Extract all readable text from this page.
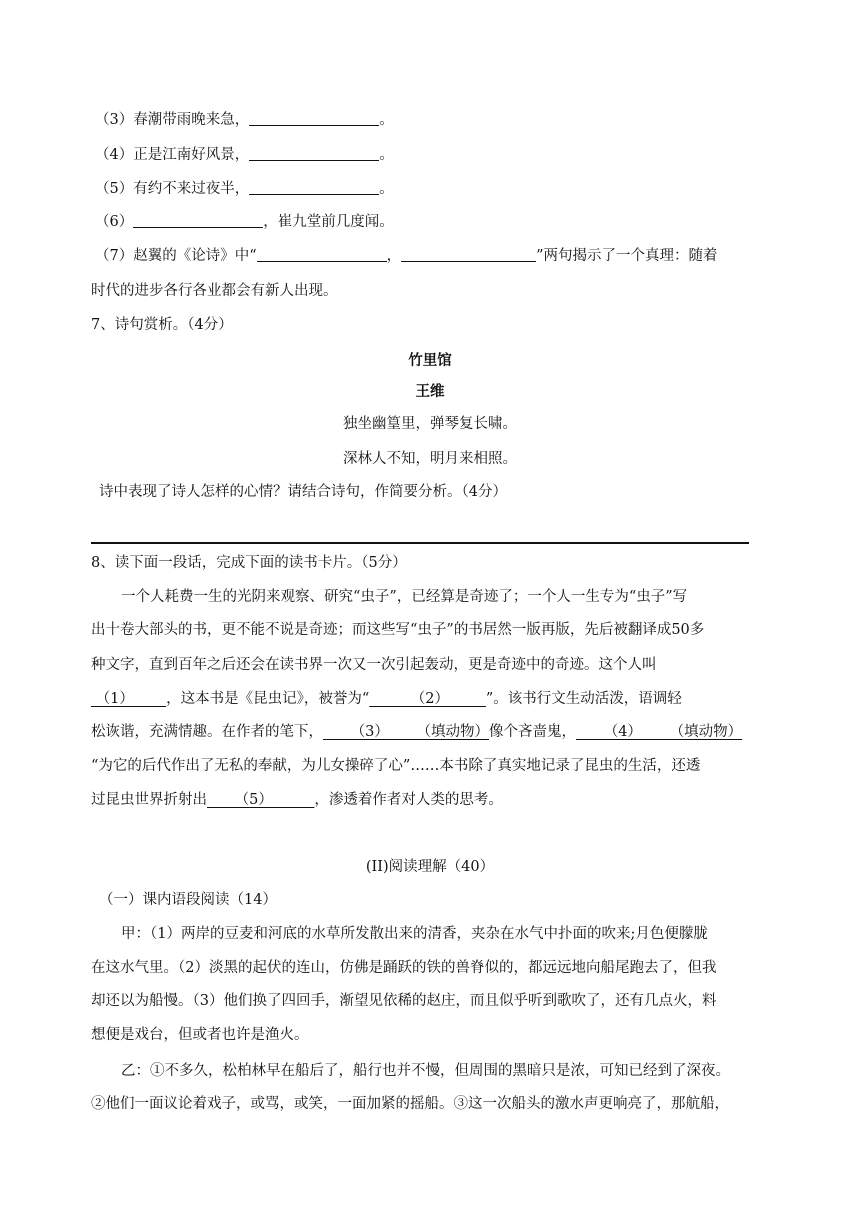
（3）春潮带雨晚来急，	。
（4）正是江南好风景，	。
（5）有约不来过夜半，	。
（6）	，崔九堂前几度闻。
（7）赵翼的《论诗》中“	，	”两句揭示了一个真理：随着
时代的进步各行各业都会有新人出现。
7、诗句赏析。（4分）
竹里馆
王维
独坐幽篁里，弹琴复长啸。
深林人不知，明月来相照。
诗中表现了诗人怎样的心情？请结合诗句，作简要分析。（4分）
8、读下面一段话，完成下面的读书卡片。（5分）
一个人耗费一生的光阴来观察、研究“虫子”，已经算是奇迹了；一个人一生专为“虫子”写
出十卷大部头的书，更不能不说是奇迹；而这些写“虫子”的书居然一版再版，先后被翻译成50多
种文字，直到百年之后还会在读书界一次又一次引起轰动，更是奇迹中的奇迹。这个人叫
（1）       ，这本书是《昆虫记》，被誉为“         （2）        ”。该书行文生动活泼，语调轻
松诙谐，充满情趣。在作者的笔下，      （3）      （填动物）像个吝啬鬼，      （4）      （填动物）
“为它的后代作出了无私的奉献，为儿女操碎了心”……本书除了真实地记录了昆虫的生活，还透
过昆虫世界折射出      （5）         ，渗透着作者对人类的思考。
(II)阅读理解（40）
（一）课内语段阅读（14）
甲：（1）两岸的豆麦和河底的水草所发散出来的清香，夹杂在水气中扑面的吹来;月色便朦胧
在这水气里。（2）淡黑的起伏的连山，仿佛是踊跃的铁的兽脊似的，都远远地向船尾跑去了，但我
却还以为船慢。（3）他们换了四回手，渐望见依稀的赵庄，而且似乎听到歌吹了，还有几点火，料
想便是戏台，但或者也许是渔火。
乙：①不多久，松柏林早在船后了，船行也并不慢，但周围的黑暗只是浓，可知已经到了深夜。
②他们一面议论着戏子，或骂，或笑，一面加紧的摇船。③这一次船头的激水声更响亮了，那航船，
